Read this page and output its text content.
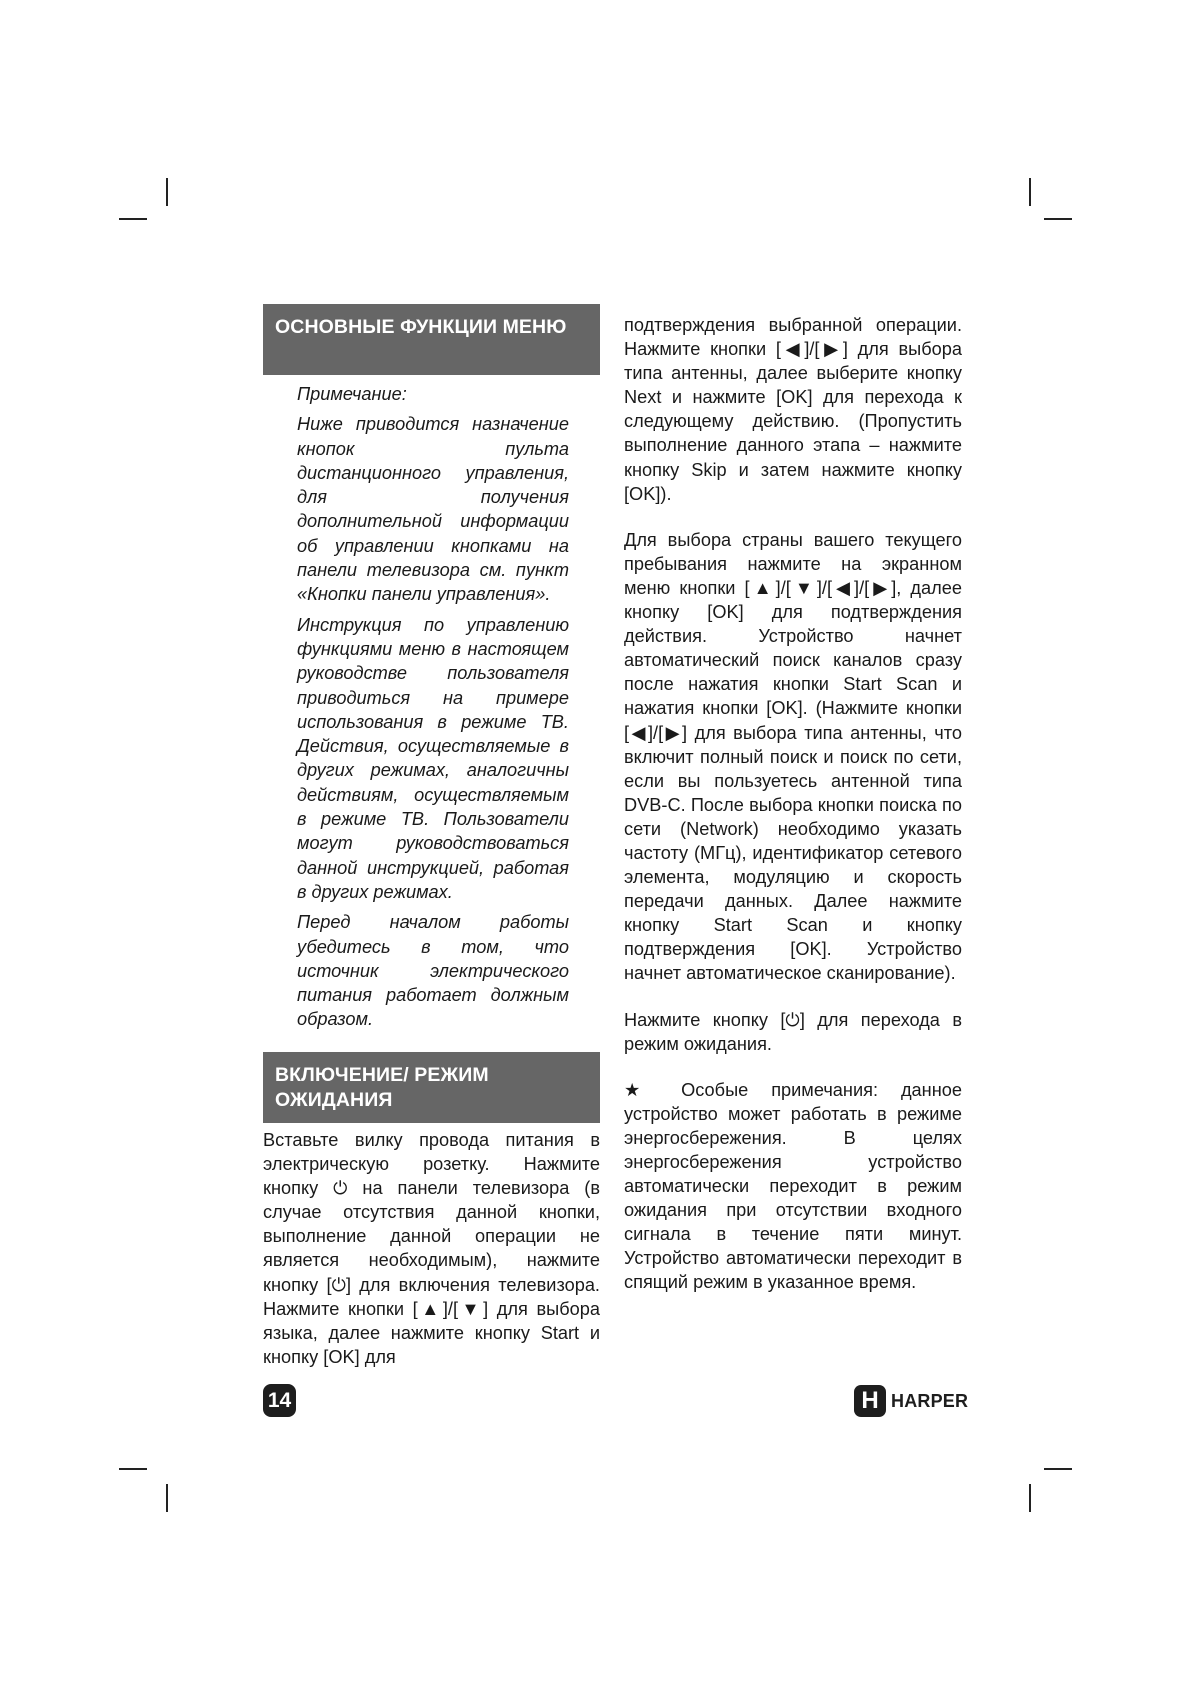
ОСНОВНЫЕ ФУНКЦИИ МЕНЮ

Примечание:

Ниже приводится назначение кнопок пульта дистанционного управления, для получения дополнительной информации об управлении кнопками на панели телевизора см. пункт «Кнопки панели управления».

Инструкция по управлению функциями меню в настоящем руководстве пользователя приводиться на примере использования в режиме ТВ. Действия, осуществляемые в других режимах, аналогичны действиям, осуществляемым в режиме ТВ. Пользователи могут руководствоваться данной инструкцией, работая в других режимах.

Перед началом работы убедитесь в том, что источник электрического питания работает должным образом.

ВКЛЮЧЕНИЕ/ РЕЖИМ ОЖИДАНИЯ

Вставьте вилку провода питания в электрическую розетку. Нажмите кнопку ⏻ на панели телевизора (в случае отсутствия данной кнопки, выполнение данной операции не является необходимым), нажмите кнопку [⏻] для включения телевизора. Нажмите кнопки [▲]/[▼] для выбора языка, далее нажмите кнопку Start и кнопку [OK] для

подтверждения выбранной операции. Нажмите кнопки [◀]/[▶] для выбора типа антенны, далее выберите кнопку Next и нажмите [OK] для перехода к следующему действию. (Пропустить выполнение данного этапа – нажмите кнопку Skip и затем нажмите кнопку [OK]).

Для выбора страны вашего текущего пребывания нажмите на экранном меню кнопки [▲]/[▼]/[◀]/[▶], далее кнопку [OK] для подтверждения действия. Устройство начнет автоматический поиск каналов сразу после нажатия кнопки Start Scan и нажатия кнопки [OK]. (Нажмите кнопки [◀]/[▶] для выбора типа антенны, что включит полный поиск и поиск по сети, если вы пользуетесь антенной типа DVB-C. После выбора кнопки поиска по сети (Network) необходимо указать частоту (МГц), идентификатор сетевого элемента, модуляцию и скорость передачи данных. Далее нажмите кнопку Start Scan и кнопку подтверждения [OK]. Устройство начнет автоматическое сканирование).

Нажмите кнопку [⏻] для перехода в режим ожидания.

★ Особые примечания: данное устройство может работать в режиме энергосбережения. В целях энергосбережения устройство автоматически переходит в режим ожидания при отсутствии входного сигнала в течение пяти минут. Устройство автоматически переходит в спящий режим в указанное время.

14	H HARPER
